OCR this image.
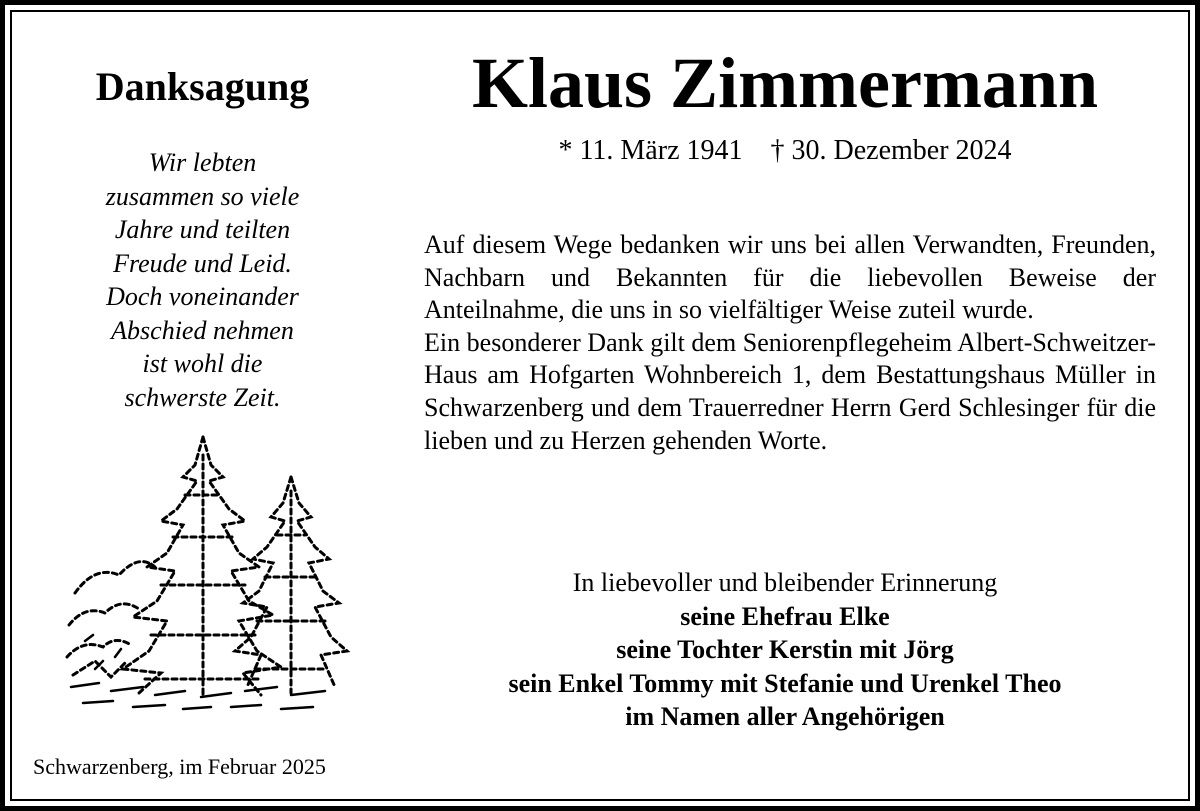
Danksagung
Wir lebten
zusammen so viele
Jahre und teilten
Freude und Leid.
Doch voneinander
Abschied nehmen
ist wohl die
schwerste Zeit.
Schwarzenberg, im Februar 2025
Klaus Zimmermann
* 11. März 1941    † 30. Dezember 2024

Auf diesem Wege bedanken wir uns bei allen Verwandten, Freunden, Nachbarn und Bekannten für die liebevollen Beweise der Anteilnahme, die uns in so vielfältiger Weise zuteil wurde.

Ein besonderer Dank gilt dem Seniorenpflegeheim Albert-Schweitzer-Haus am Hofgarten Wohnbereich 1, dem Bestattungshaus Müller in Schwarzenberg und dem Trauerredner Herrn Gerd Schlesinger für die lieben und zu Herzen gehenden Worte.

In liebevoller und bleibender Erinnerung
seine Ehefrau Elke
seine Tochter Kerstin mit Jörg
sein Enkel Tommy mit Stefanie und Urenkel Theo
im Namen aller Angehörigen
